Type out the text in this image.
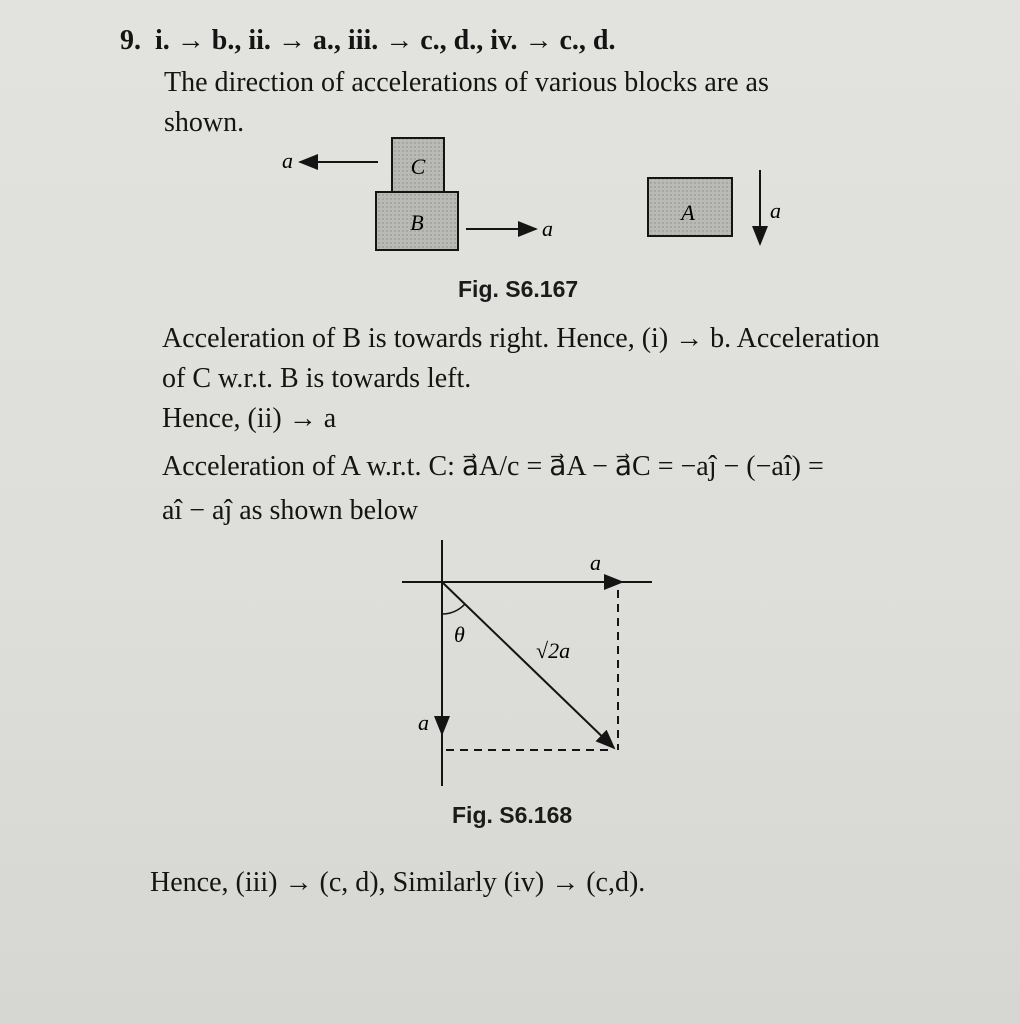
9. i. → b., ii. → a., iii. → c., d., iv. → c., d.
The direction of accelerations of various blocks are as
shown.
a	C
B	a
A	a
Fig. S6.167
Acceleration of B is towards right. Hence, (i) → b. Acceleration
of C w.r.t. B is towards left.
Hence, (ii) → a
Acceleration of A w.r.t. C: a⃗A/c = a⃗A − a⃗C = −aĵ − (−aî) =
aî − aĵ as shown below
a
a
θ
√2a
Fig. S6.168
Hence, (iii) → (c, d), Similarly (iv) → (c,d).
